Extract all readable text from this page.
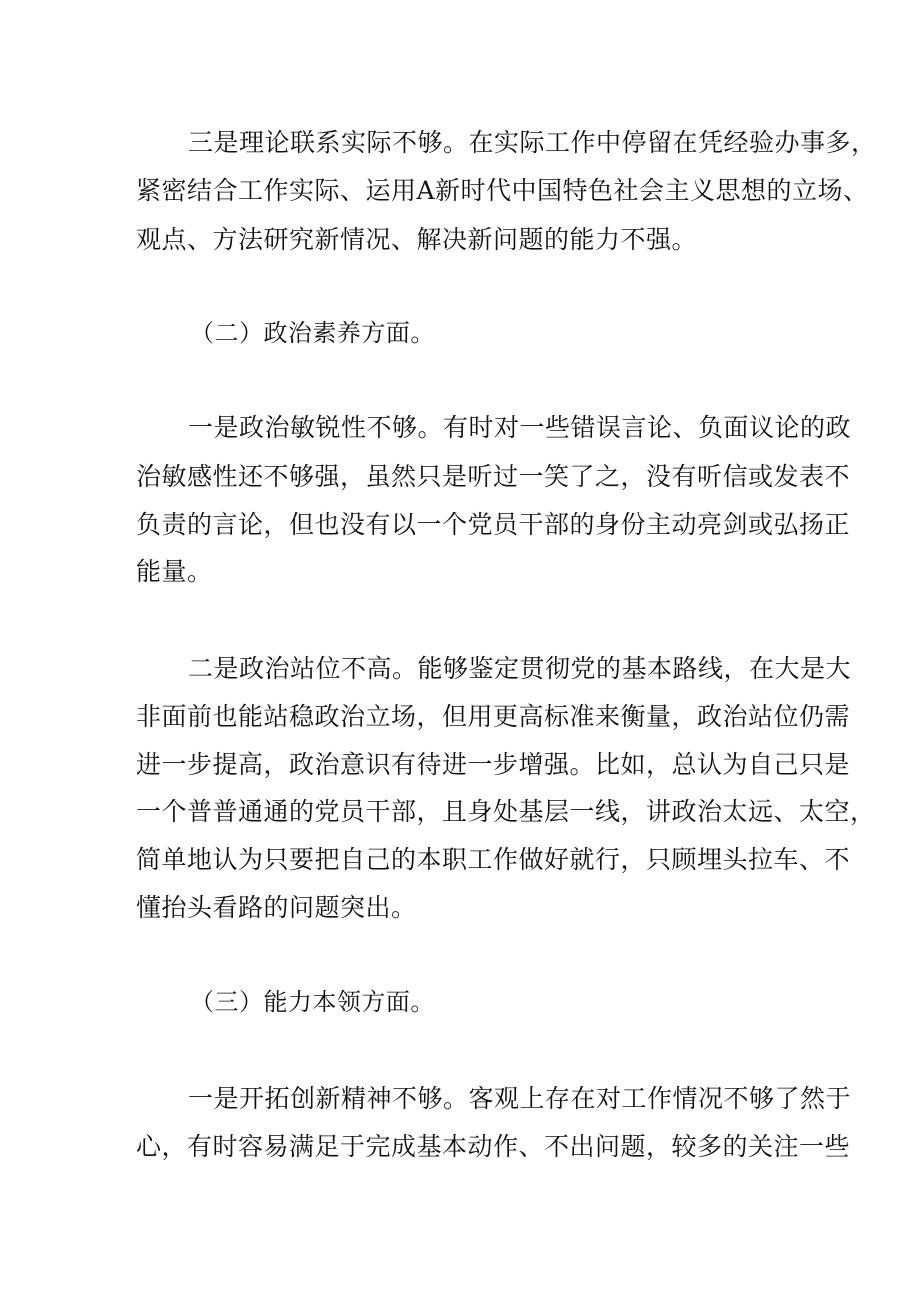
三是理论联系实际不够。在实际工作中停留在凭经验办事多，
紧密结合工作实际、运用A新时代中国特色社会主义思想的立场、
观点、方法研究新情况、解决新问题的能力不强。
（二）政治素养方面。
一是政治敏锐性不够。有时对一些错误言论、负面议论的政
治敏感性还不够强，虽然只是听过一笑了之，没有听信或发表不
负责的言论，但也没有以一个党员干部的身份主动亮剑或弘扬正
能量。
二是政治站位不高。能够鉴定贯彻党的基本路线，在大是大
非面前也能站稳政治立场，但用更高标准来衡量，政治站位仍需
进一步提高，政治意识有待进一步增强。比如，总认为自己只是
一个普普通通的党员干部，且身处基层一线，讲政治太远、太空，
简单地认为只要把自己的本职工作做好就行，只顾埋头拉车、不
懂抬头看路的问题突出。
（三）能力本领方面。
一是开拓创新精神不够。客观上存在对工作情况不够了然于
心，有时容易满足于完成基本动作、不出问题，较多的关注一些
